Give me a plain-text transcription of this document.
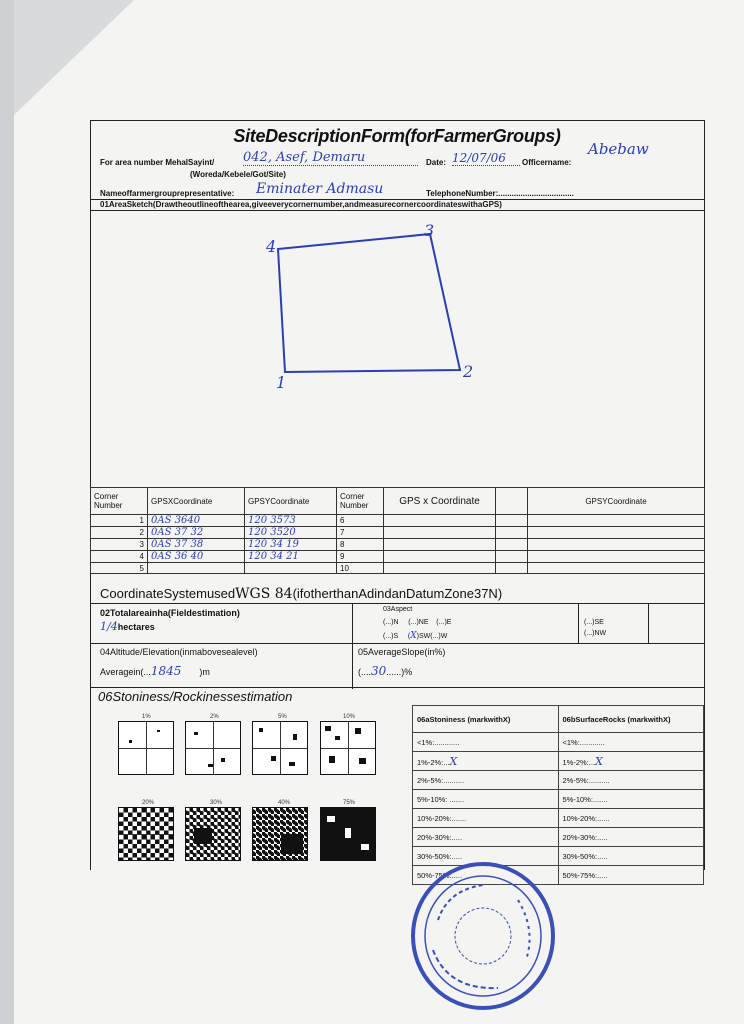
SiteDescriptionForm(forFarmerGroups)
Abebaw
For area number MehalSayint/ 042, Asef, Demaru	Date: 12/07/06	Officername:
(Woreda/Kebele/Got/Site)
Nameoffarmergrouprepresentative: Eminater Admasu	TelephoneNumber:..................................
01AreaSketch(Drawtheoutlineofthearea,giveeverycornernumber,andmeasurecornercoordinateswithaGPS)
4
3
2
1
Corner Number	GPSXCoordinate	GPSYCoordinate	Corner Number	GPS x Coordinate		GPSYCoordinate
1	0AS 3640	120 3573	6			
2	0AS 37 32	120 3520	7			
3	0AS 37 38	120 34 19	8			
4	0AS 36 40	120 34 21	9			
5			10			
CoordinateSystemusedWGS 84(ifotherthanAdindanDatumZone37N)
02Totalareainha(Fieldestimation)
1/4hectares
03Aspect
(...)N     (...)NE    (...)E
(...)S     (X)SW(...)W
(...)SE
(...)NW
04Altitude/Elevation(inmabovesealevel)
Averagein(...1845 )m
05AverageSlope(in%)
(....30......)%
06Stoniness/Rockinessestimation
1%	2%	5%	10%
20%	30%	40%	75%
06aStoniness (markwithX)	06bSurfaceRocks (markwithX)
<1%:............	<1%:............
1%-2%:...X	1%-2%:...X
2%-5%:..........	2%-5%:..........
5%-10%: .......	5%-10%:.......
10%-20%:.......	10%-20%:......
20%-30%:.....	20%-30%:.....
30%-50%:.....	30%-50%:.....
50%-75%:.....	50%-75%:.....
